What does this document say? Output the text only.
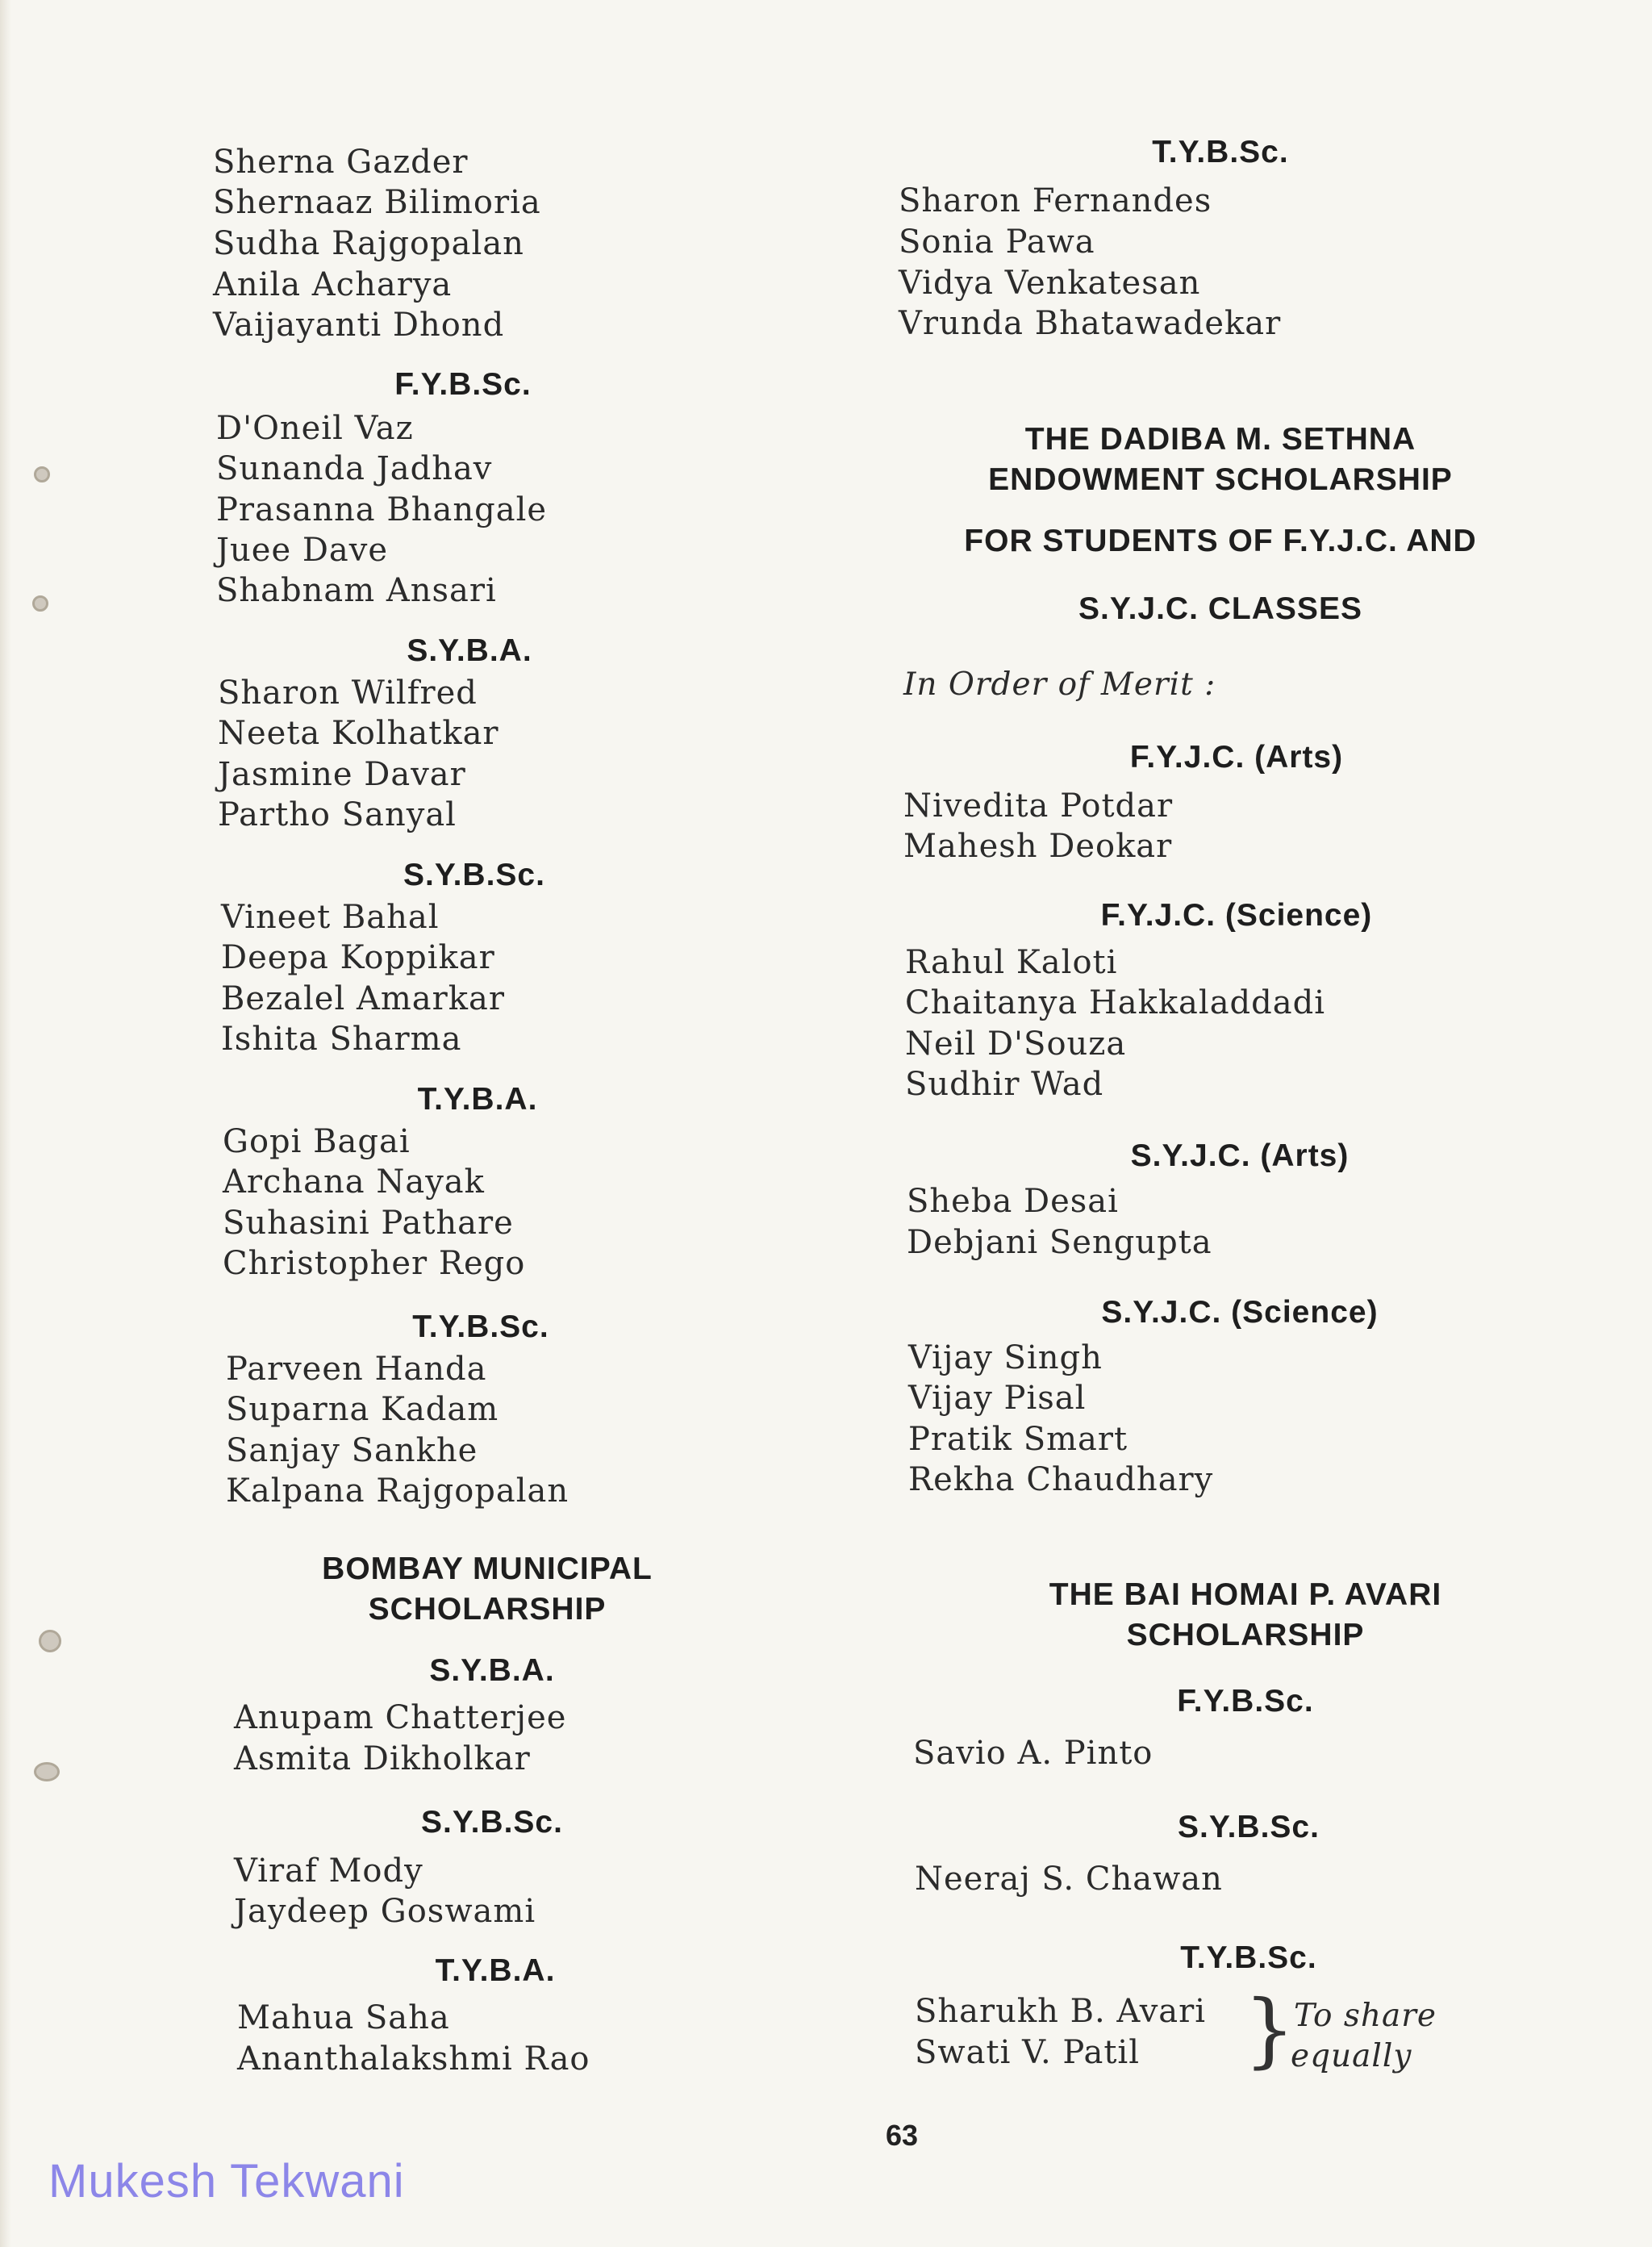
Sherna Gazder
Shernaaz Bilimoria
Sudha Rajgopalan
Anila Acharya
Vaijayanti Dhond
F.Y.B.Sc.
D'Oneil Vaz
Sunanda Jadhav
Prasanna Bhangale
Juee Dave
Shabnam Ansari
S.Y.B.A.
Sharon Wilfred
Neeta Kolhatkar
Jasmine Davar
Partho Sanyal
S.Y.B.Sc.
Vineet Bahal
Deepa Koppikar
Bezalel Amarkar
Ishita Sharma
T.Y.B.A.
Gopi Bagai
Archana Nayak
Suhasini Pathare
Christopher Rego
T.Y.B.Sc.
Parveen Handa
Suparna Kadam
Sanjay Sankhe
Kalpana Rajgopalan
BOMBAY MUNICIPAL
SCHOLARSHIP
S.Y.B.A.
Anupam Chatterjee
Asmita Dikholkar
S.Y.B.Sc.
Viraf Mody
Jaydeep Goswami
T.Y.B.A.
Mahua Saha
Ananthalakshmi Rao
T.Y.B.Sc.
Sharon Fernandes
Sonia Pawa
Vidya Venkatesan
Vrunda Bhatawadekar
THE DADIBA M. SETHNA
ENDOWMENT SCHOLARSHIP
FOR STUDENTS OF F.Y.J.C. AND
S.Y.J.C. CLASSES
In Order of Merit :
F.Y.J.C. (Arts)
Nivedita Potdar
Mahesh Deokar
F.Y.J.C. (Science)
Rahul Kaloti
Chaitanya Hakkaladdadi
Neil D'Souza
Sudhir Wad
S.Y.J.C. (Arts)
Sheba Desai
Debjani Sengupta
S.Y.J.C. (Science)
Vijay Singh
Vijay Pisal
Pratik Smart
Rekha Chaudhary
THE BAI HOMAI P. AVARI
SCHOLARSHIP
F.Y.B.Sc.
Savio A. Pinto
S.Y.B.Sc.
Neeraj S. Chawan
T.Y.B.Sc.
Sharukh B. Avari
Swati V. Patil }
To share
equally
63
Mukesh Tekwani
